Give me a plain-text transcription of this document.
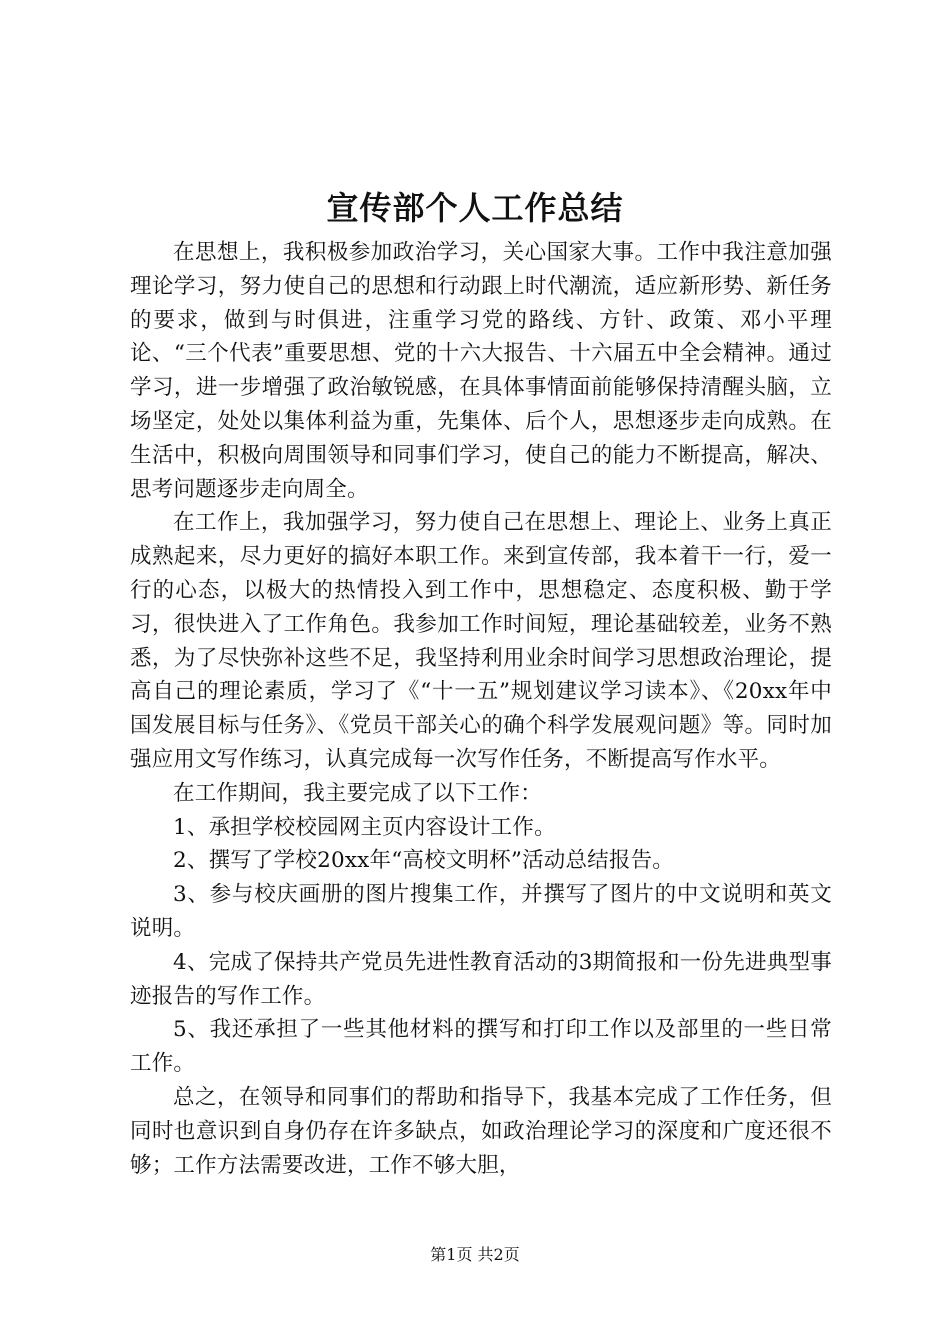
宣传部个人工作总结

在思想上，我积极参加政治学习，关心国家大事。工作中我注意加强理论学习，努力使自己的思想和行动跟上时代潮流，适应新形势、新任务的要求，做到与时俱进，注重学习党的路线、方针、政策、邓小平理论、“三个代表”重要思想、党的十六大报告、十六届五中全会精神。通过学习，进一步增强了政治敏锐感，在具体事情面前能够保持清醒头脑，立场坚定，处处以集体利益为重，先集体、后个人，思想逐步走向成熟。在生活中，积极向周围领导和同事们学习，使自己的能力不断提高，解决、思考问题逐步走向周全。

在工作上，我加强学习，努力使自己在思想上、理论上、业务上真正成熟起来，尽力更好的搞好本职工作。来到宣传部，我本着干一行，爱一行的心态，以极大的热情投入到工作中，思想稳定、态度积极、勤于学习，很快进入了工作角色。我参加工作时间短，理论基础较差，业务不熟悉，为了尽快弥补这些不足，我坚持利用业余时间学习思想政治理论，提高自己的理论素质，学习了《“十一五”规划建议学习读本》、《20xx年中国发展目标与任务》、《党员干部关心的确个科学发展观问题》等。同时加强应用文写作练习，认真完成每一次写作任务，不断提高写作水平。

在工作期间，我主要完成了以下工作：

1、承担学校校园网主页内容设计工作。

2、撰写了学校20xx年“高校文明杯”活动总结报告。

3、参与校庆画册的图片搜集工作，并撰写了图片的中文说明和英文说明。

4、完成了保持共产党员先进性教育活动的3期简报和一份先进典型事迹报告的写作工作。

5、我还承担了一些其他材料的撰写和打印工作以及部里的一些日常工作。

总之，在领导和同事们的帮助和指导下，我基本完成了工作任务，但同时也意识到自身仍存在许多缺点，如政治理论学习的深度和广度还很不够；工作方法需要改进，工作不够大胆，

第1页 共2页
